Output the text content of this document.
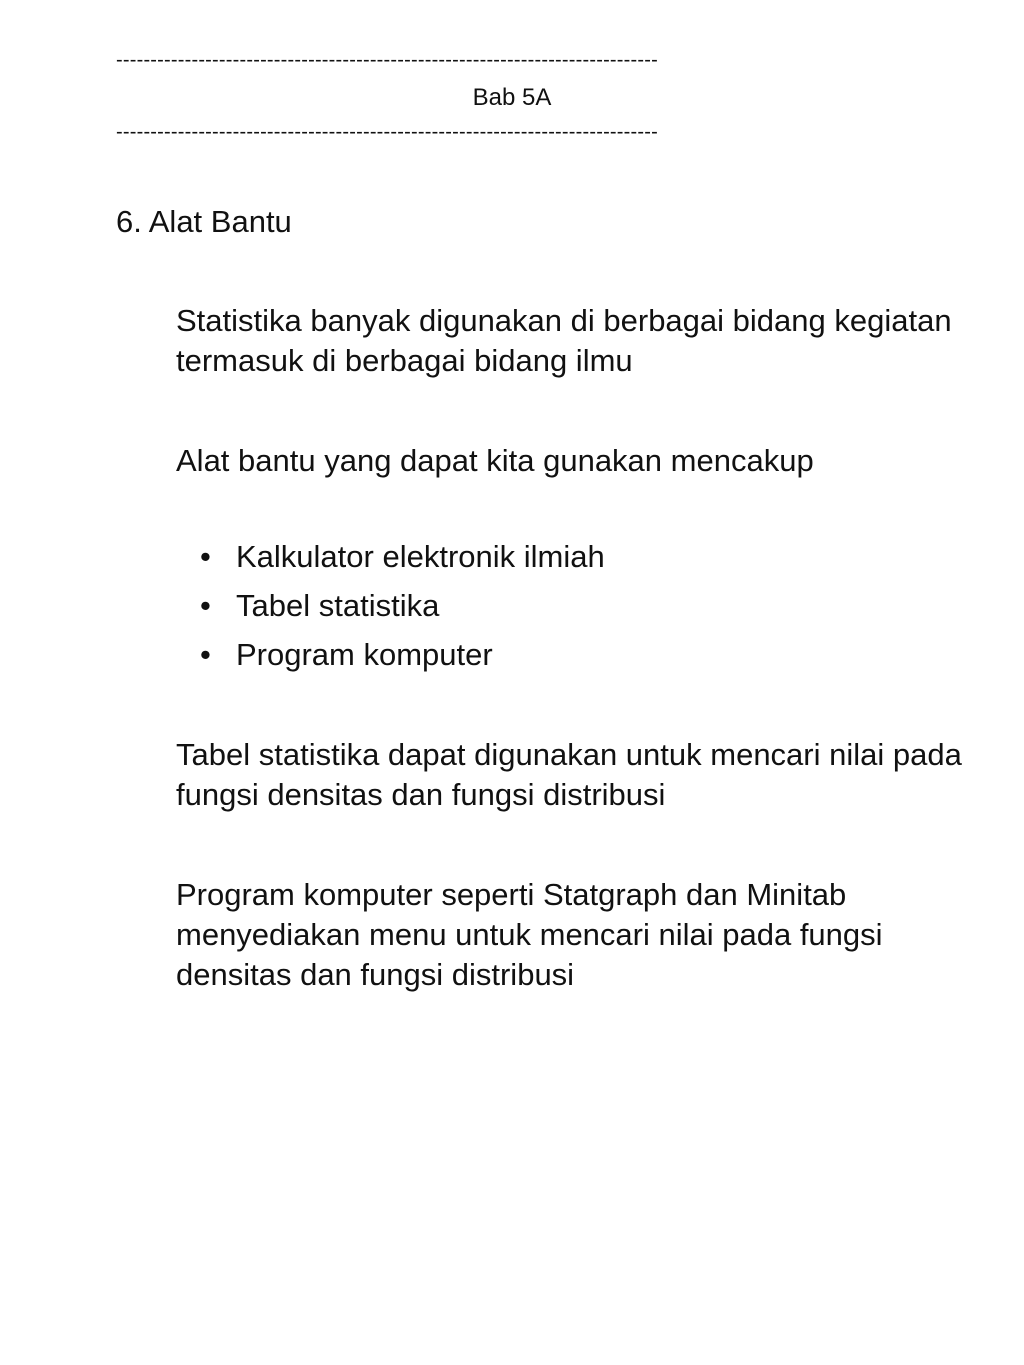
-------------------------------------------------------------------------------
Bab 5A
-------------------------------------------------------------------------------
6. Alat Bantu

Statistika banyak digunakan di berbagai bidang kegiatan termasuk di berbagai bidang ilmu

Alat bantu yang dapat kita gunakan mencakup

• Kalkulator elektronik ilmiah
• Tabel statistika
• Program komputer

Tabel statistika dapat digunakan untuk mencari nilai pada fungsi densitas dan fungsi distribusi

Program komputer seperti Statgraph dan Minitab menyediakan menu untuk mencari nilai pada fungsi densitas dan fungsi distribusi
